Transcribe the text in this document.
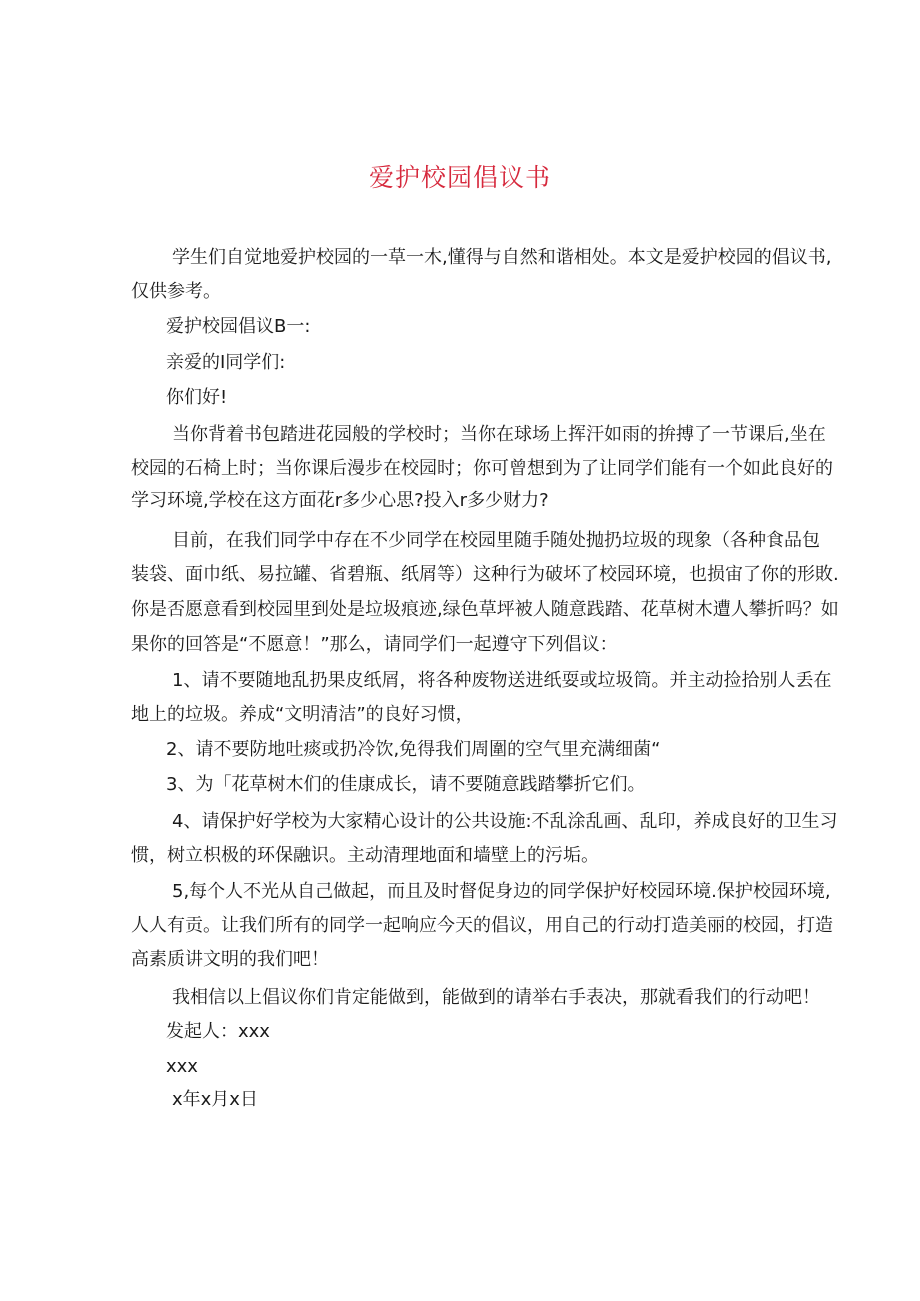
爱护校园倡议书
学生们自觉地爱护校园的一草一木,懂得与自然和谐相处。本文是爱护校园的倡议书,
仅供参考。
爱护校园倡议B一:
亲爱的I同学们:
你们好!
当你背着书包踏进花园般的学校时；当你在球场上挥汗如雨的拚搏了一节课后,坐在
校园的石椅上时；当你课后漫步在校园时；你可曾想到为了让同学们能有一个如此良好的
学习环境,学校在这方面花r多少心思?投入r多少财力?
目前，在我们同学中存在不少同学在校园里随手随处抛扔垃圾的现象（各种食品包
装袋、面巾纸、易拉罐、省碧瓶、纸屑等）这种行为破坏了校园环境，也损宙了你的形敗.
你是否愿意看到校园里到处是垃圾痕迹,绿色草坪被人随意践踏、花草树木遭人攀折吗？如
果你的回答是“不愿意！”那么，请同学们一起遵守下列倡议：
1、请不要随地乱扔果皮纸屑，将各种废物送进纸耍或垃圾筒。并主动捡拾别人丢在
地上的垃圾。养成“文明清洁”的良好习惯，
2、请不要防地吐痰或扔冷饮,免得我们周圍的空气里充满细菌“
3、为「花草树木们的佳康成长，请不要随意践踏攀折它们。
4、请保护好学校为大家精心设计的公共设施:不乱涂乱画、乱印，养成良好的卫生习
惯，树立枳极的环保融识。主动清理地面和墙壁上的污垢。
5,每个人不光从自己做起，而且及时督促身边的同学保护好校园环境.保护校园环境,
人人有贡。让我们所有的同学一起响应今天的倡议，用自己的行动打造美丽的校园，打造
高素质讲文明的我们吧！
我相信以上倡议你们肯定能做到，能做到的请举右手表决，那就看我们的行动吧！
发起人：xxx
xxx
x年x月x日
